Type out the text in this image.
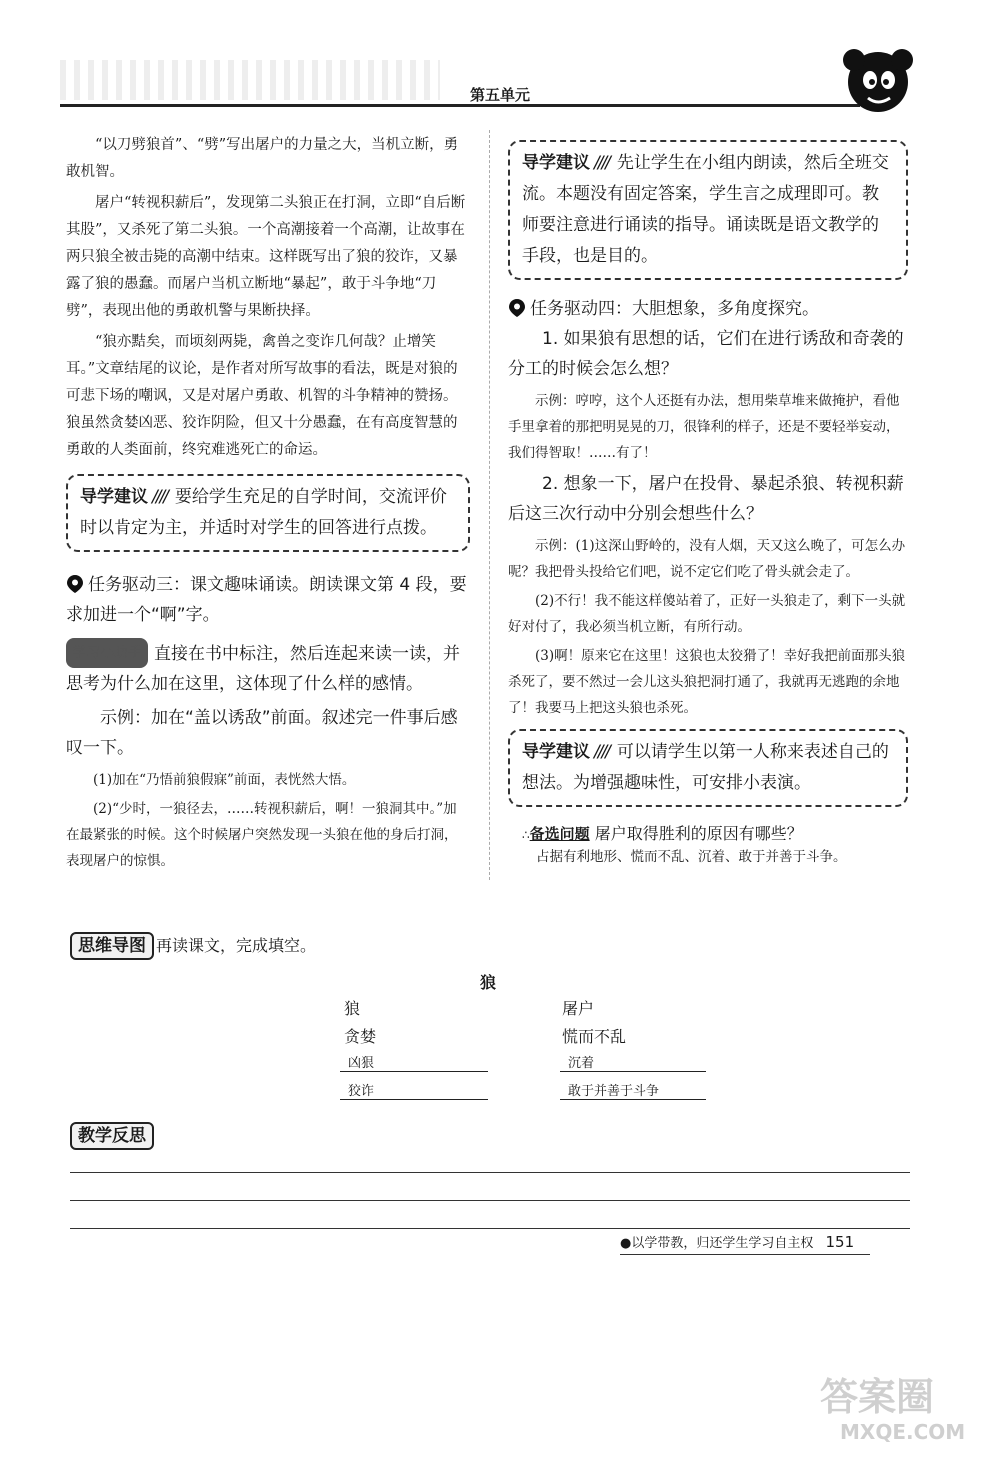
第五单元

“以刀劈狼首”、“劈”写出屠户的力量之大，当机立断，勇敢机智。

屠户“转视积薪后”，发现第二头狼正在打洞，立即“自后断其股”，又杀死了第二头狼。一个高潮接着一个高潮，让故事在两只狼全被击毙的高潮中结束。这样既写出了狼的狡诈，又暴露了狼的愚蠢。而屠户当机立断地“暴起”，敢于斗争地“刀劈”，表现出他的勇敢机警与果断抉择。

“狼亦黠矣，而顷刻两毙，禽兽之变诈几何哉？止增笑耳。”文章结尾的议论，是作者对所写故事的看法，既是对狼的可悲下场的嘲讽，又是对屠户勇敢、机智的斗争精神的赞扬。狼虽然贪婪凶恶、狡诈阴险，但又十分愚蠢，在有高度智慧的勇敢的人类面前，终究难逃死亡的命运。

导学建议 //// 要给学生充足的自学时间，交流评价时以肯定为主，并适时对学生的回答进行点拨。
任务驱动三：课文趣味诵读。朗读课文第 4 段，要求加进一个“啊”字。
学习小助手 直接在书中标注，然后连起来读一读，并思考为什么加在这里，这体现了什么样的感情。
示例：加在“盖以诱敌”前面。叙述完一件事后感叹一下。

(1)加在“乃悟前狼假寐”前面，表恍然大悟。

(2)“少时，一狼径去，……转视积薪后，啊！一狼洞其中。”加在最紧张的时候。这个时候屠户突然发现一头狼在他的身后打洞，表现屠户的惊惧。

导学建议 //// 先让学生在小组内朗读，然后全班交流。本题没有固定答案，学生言之成理即可。教师要注意进行诵读的指导。诵读既是语文教学的手段，也是目的。
任务驱动四：大胆想象，多角度探究。
1. 如果狼有思想的话，它们在进行诱敌和奇袭的分工的时候会怎么想？

示例：哼哼，这个人还挺有办法，想用柴草堆来做掩护，看他手里拿着的那把明晃晃的刀，很锋利的样子，还是不要轻举妄动，我们得智取！……有了！

2. 想象一下，屠户在投骨、暴起杀狼、转视积薪后这三次行动中分别会想些什么？

示例：(1)这深山野岭的，没有人烟，天又这么晚了，可怎么办呢？我把骨头投给它们吧，说不定它们吃了骨头就会走了。

(2)不行！我不能这样傻站着了，正好一头狼走了，剩下一头就好对付了，我必须当机立断，有所行动。

(3)啊！原来它在这里！这狼也太狡猾了！幸好我把前面那头狼杀死了，要不然过一会儿这头狼把洞打通了，我就再无逃跑的余地了！我要马上把这头狼也杀死。

导学建议 //// 可以请学生以第一人称来表述自己的想法。为增强趣味性，可安排小表演。
∴备选问题 屠户取得胜利的原因有哪些？
占据有利地形、慌而不乱、沉着、敢于并善于斗争。
思维导图 再读课文，完成填空。
狼
狼
贪婪
凶狠
狡诈
屠户
慌而不乱
沉着
敢于并善于斗争
教学反思
●以学带教，归还学生学习自主权 151
答案圈
MXQE.COM
